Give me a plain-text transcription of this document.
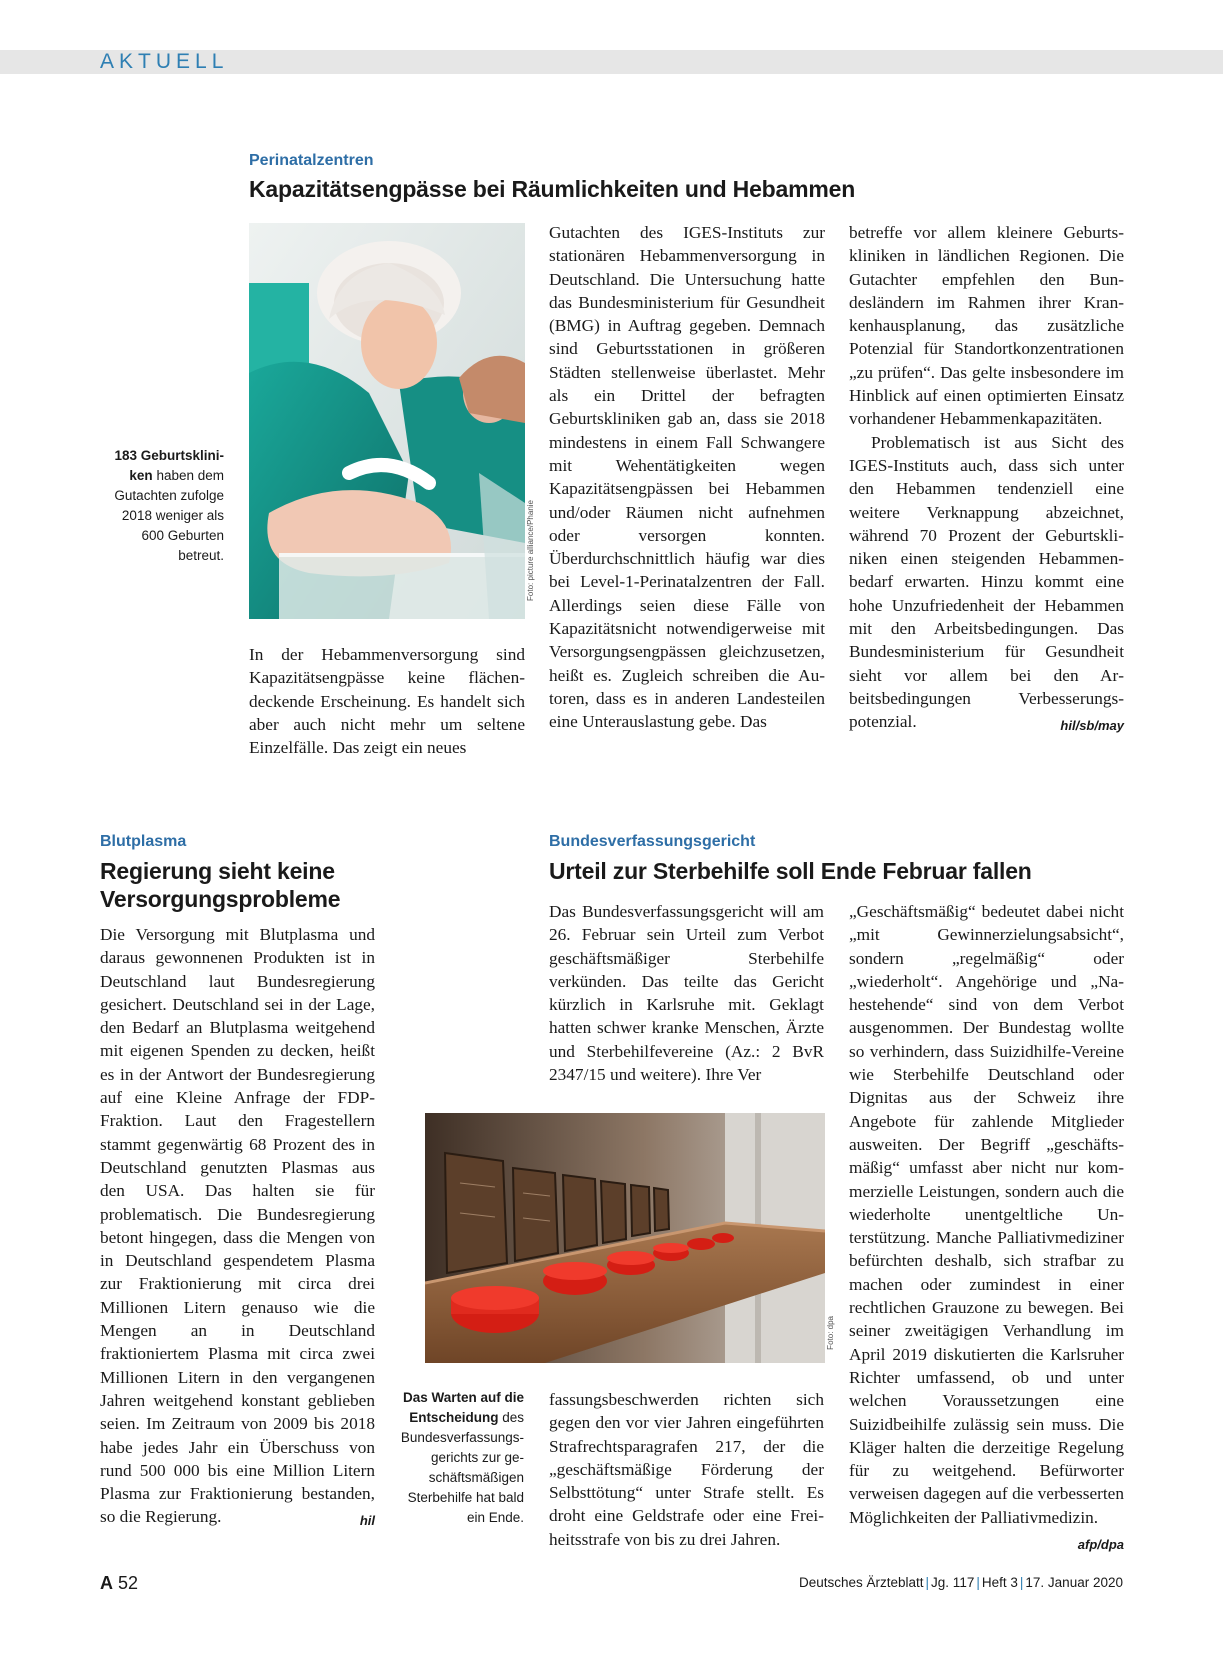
AKTUELL
Perinatalzentren
Kapazitätsengpässe bei Räumlichkeiten und Hebammen
183 Geburtskliniken haben dem Gutachten zufolge 2018 weniger als 600 Geburten betreut.	Foto: picture alliance/Phanie

In der Hebammenversorgung sind Kapazitätsengpässe keine flächendeckende Erscheinung. Es handelt sich aber auch nicht mehr um seltene Einzelfälle. Das zeigt ein neues

Gutachten des IGES-Instituts zur stationären Hebammenversorgung in Deutschland. Die Untersuchung hatte das Bundesministerium für Gesundheit (BMG) in Auftrag gegeben. Demnach sind Geburtsstationen in größeren Städten stellenweise überlastet. Mehr als ein Drittel der befragten Geburtskliniken gab an, dass sie 2018 mindestens in einem Fall Schwangere mit Wehentätigkeiten wegen Kapazitätsengpässen bei Hebammen und/oder Räumen nicht aufnehmen oder versorgen konnten. Überdurchschnittlich häufig war dies bei Level-1-Perinatalzentren der Fall. Allerdings seien diese Fälle von Kapazitätsnicht notwendigerweise mit Versorgungsengpässen gleichzusetzen, heißt es. Zugleich schreiben die Autoren, dass es in anderen Landesteilen eine Unterauslastung gebe. Das

betreffe vor allem kleinere Geburtskliniken in ländlichen Regionen. Die Gutachter empfehlen den Bundesländern im Rahmen ihrer Krankenhausplanung, das zusätzliche Potenzial für Standortkonzentrationen „zu prüfen“. Das gelte insbesondere im Hinblick auf einen optimierten Einsatz vorhandener Hebammenkapazitäten.

Problematisch ist aus Sicht des IGES-Instituts auch, dass sich unter den Hebammen tendenziell eine weitere Verknappung abzeichnet, während 70 Prozent der Geburtskliniken einen steigenden Hebammenbedarf erwarten. Hinzu kommt eine hohe Unzufriedenheit der Hebammen mit den Arbeitsbedingungen. Das Bundesministerium für Gesundheit sieht vor allem bei den Arbeitsbedingungen Verbesserungspotenzial.	hil/sb/may

Blutplasma
Regierung sieht keine
Versorgungsprobleme

Die Versorgung mit Blutplasma und daraus gewonnenen Produkten ist in Deutschland laut Bundesregierung gesichert. Deutschland sei in der Lage, den Bedarf an Blutplasma weitgehend mit eigenen Spenden zu decken, heißt es in der Antwort der Bundesregierung auf eine Kleine Anfrage der FDP-Fraktion. Laut den Fragestellern stammt gegenwärtig 68 Prozent des in Deutschland genutzten Plasmas aus den USA. Das halten sie für problematisch. Die Bundesregierung betont hingegen, dass die Mengen von in Deutschland gespendetem Plasma zur Fraktionierung mit circa drei Millionen Litern genauso wie die Mengen an in Deutschland fraktioniertem Plasma mit circa zwei Millionen Litern in den vergangenen Jahren weitgehend konstant geblieben seien. Im Zeitraum von 2009 bis 2018 habe jedes Jahr ein Überschuss von rund 500 000 bis eine Million Litern Plasma zur Fraktionierung bestanden, so die Regierung.	hil

Bundesverfassungsgericht
Urteil zur Sterbehilfe soll Ende Februar fallen

Das Bundesverfassungsgericht will am 26. Februar sein Urteil zum Verbot geschäftsmäßiger Sterbehilfe verkünden. Das teilte das Gericht kürzlich in Karlsruhe mit. Geklagt hatten schwer kranke Menschen, Ärzte und Sterbehilfevereine (Az.: 2 BvR 2347/15 und weitere). Ihre Ver

Foto: dpa
Das Warten auf die Entscheidung des Bundesverfassungsgerichts zur geschäftsmäßigen Sterbehilfe hat bald ein Ende.

fassungsbeschwerden richten sich gegen den vor vier Jahren eingeführten Strafrechtsparagrafen 217, der die „geschäftsmäßige Förderung der Selbsttötung“ unter Strafe stellt. Es droht eine Geldstrafe oder eine Freiheitsstrafe von bis zu drei Jahren.

„Geschäftsmäßig“ bedeutet dabei nicht „mit Gewinnerzielungsabsicht“, sondern „regelmäßig“ oder „wiederholt“. Angehörige und „Nahestehende“ sind von dem Verbot ausgenommen. Der Bundestag wollte so verhindern, dass Suizidhilfe-Vereine wie Sterbehilfe Deutschland oder Dignitas aus der Schweiz ihre Angebote für zahlende Mitglieder ausweiten. Der Begriff „geschäftsmäßig“ umfasst aber nicht nur kommerzielle Leistungen, sondern auch die wiederholte unentgeltliche Unterstützung. Manche Palliativmediziner befürchten deshalb, sich strafbar zu machen oder zumindest in einer rechtlichen Grauzone zu bewegen. Bei seiner zweitägigen Verhandlung im April 2019 diskutierten die Karlsruher Richter umfassend, ob und unter welchen Voraussetzungen eine Suizidbeihilfe zulässig sein muss. Die Kläger halten die derzeitige Regelung für zu weitgehend. Befürworter verweisen dagegen auf die verbesserten Möglichkeiten der Palliativmedizin.
afp/dpa

A 52	Deutsches Ärzteblatt | Jg. 117 | Heft 3 | 17. Januar 2020
